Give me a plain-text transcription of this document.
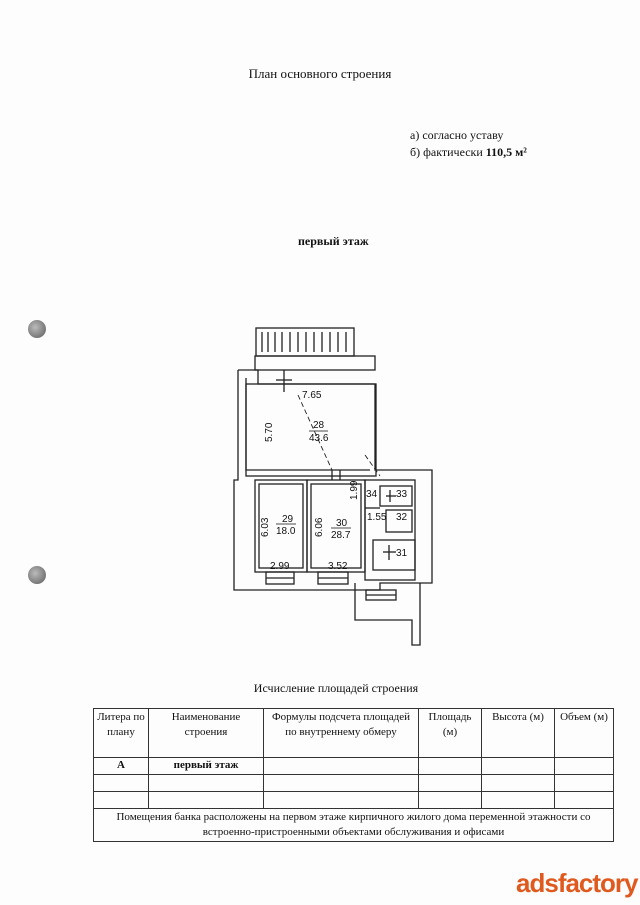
План основного строения
а) согласно уставу
б) фактически 110,5 м²
первый этаж
7.65
5.70	28
43.6
1.99 34 33
1.55 32
6.03 29
18.0 6.06 30
28.7
31
2.99	3.52
Исчисление площадей строения
Литера по плану	Наименование строения	Формулы подсчета площадей по внутреннему обмеру	Площадь (м)	Высота (м)	Объем (м)
А	первый этаж				

Помещения банка расположены на первом этаже кирпичного жилого дома переменной этажности со встроенно-пристроенными объектами обслуживания и офисами					
adsfactory
